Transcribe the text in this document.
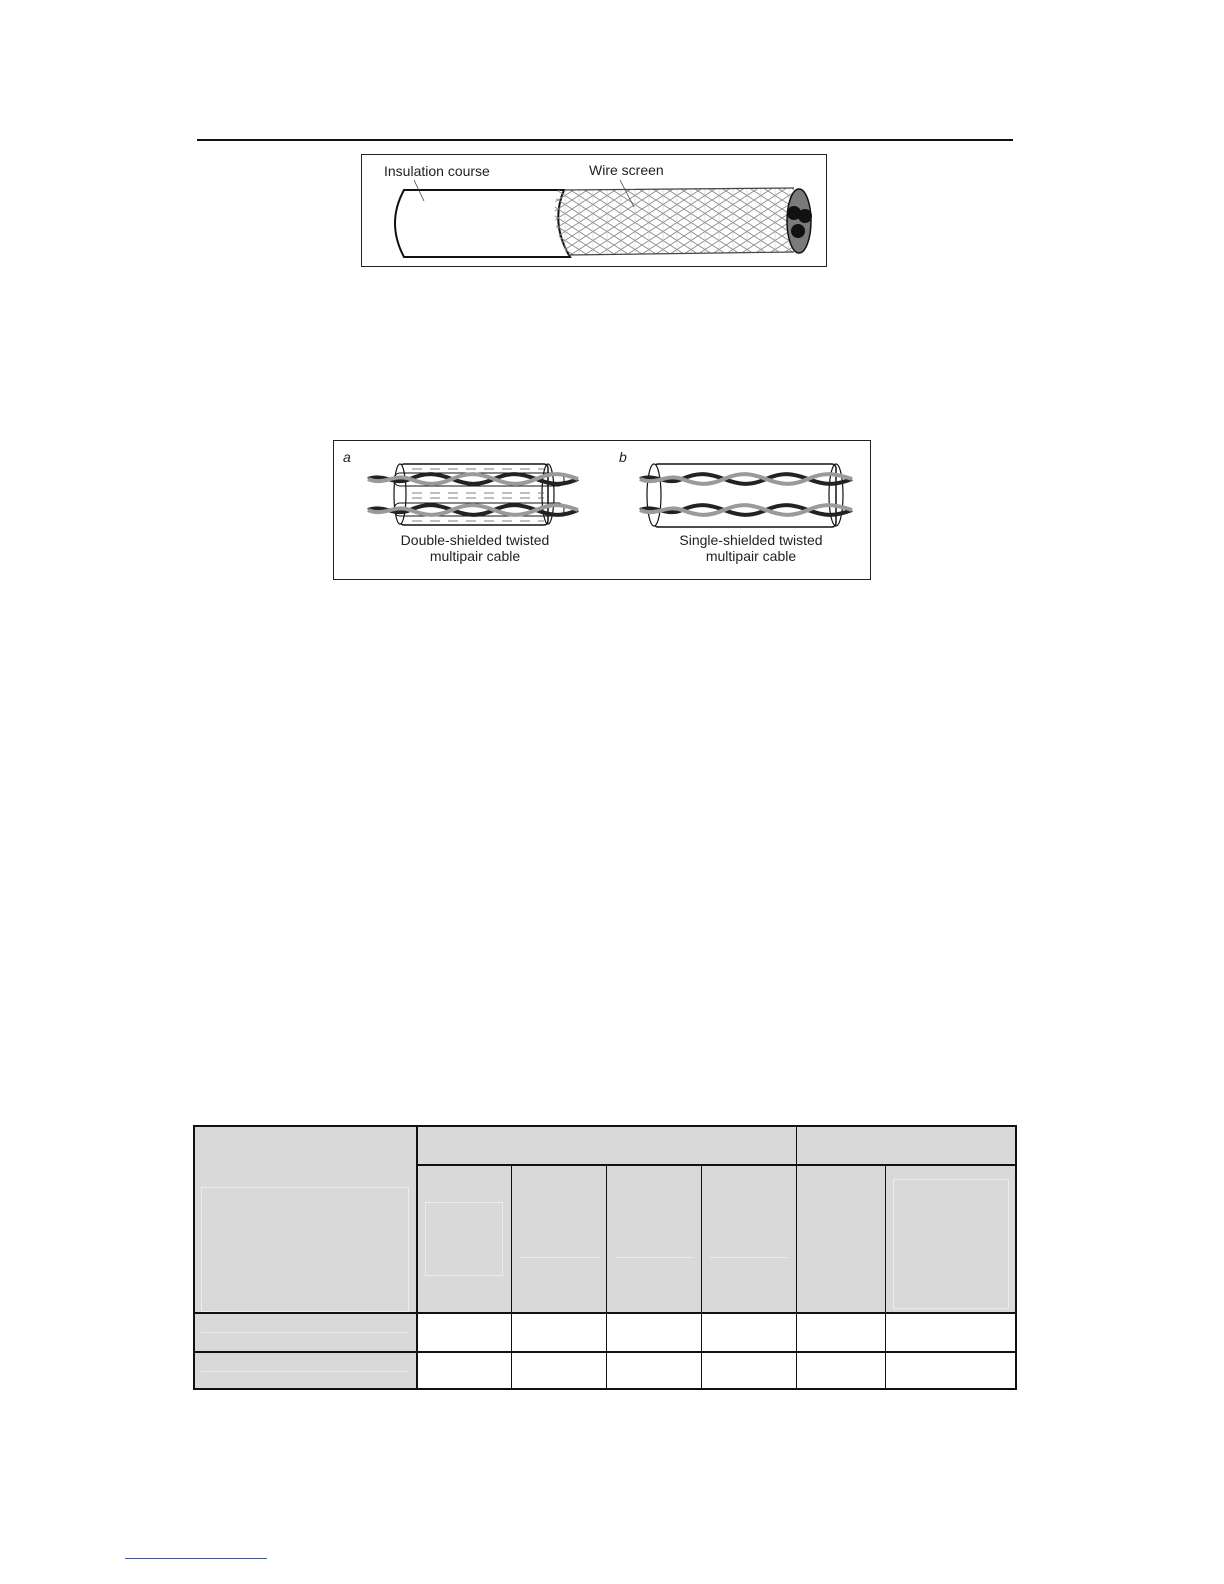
Insulation course	Wire screen
a	b
Double-shielded twisted
multipair cable
Single-shielded twisted
multipair cable
